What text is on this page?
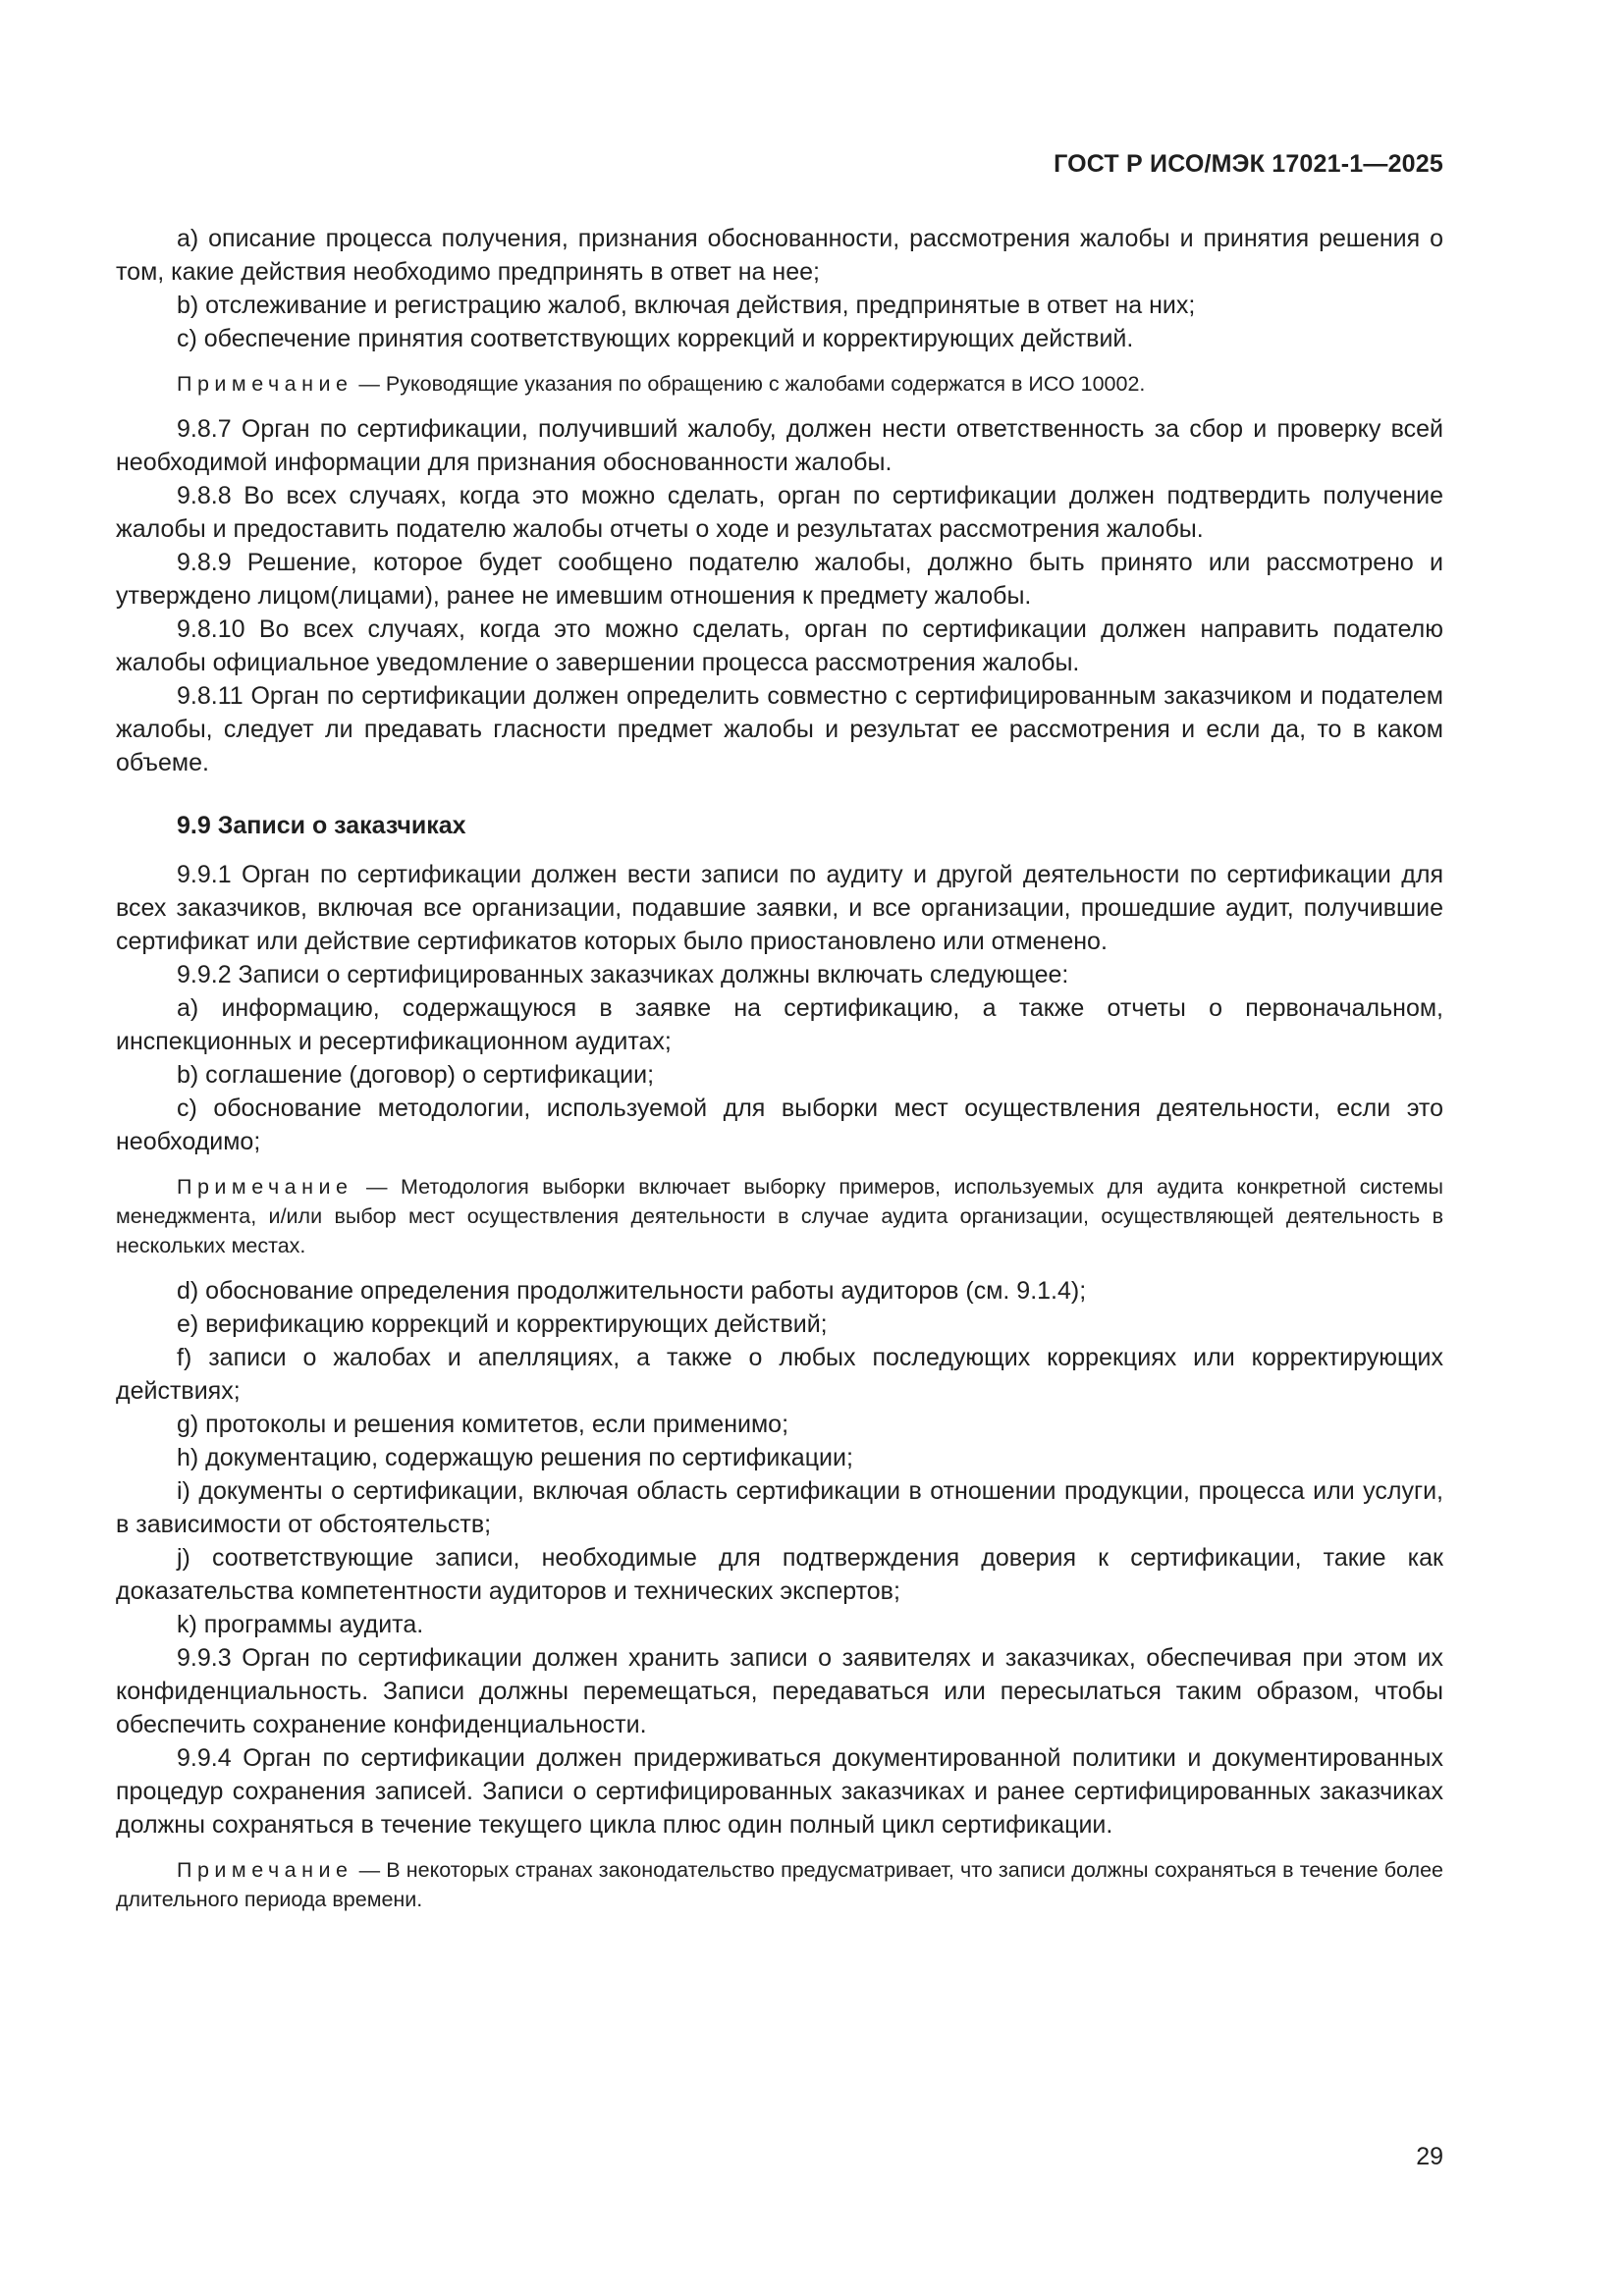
ГОСТ Р ИСО/МЭК 17021-1—2025

a) описание процесса получения, признания обоснованности, рассмотрения жалобы и принятия решения о том, какие действия необходимо предпринять в ответ на нее;

b) отслеживание и регистрацию жалоб, включая действия, предпринятые в ответ на них;

c) обеспечение принятия соответствующих коррекций и корректирующих действий.

Примечание — Руководящие указания по обращению с жалобами содержатся в ИСО 10002.

9.8.7 Орган по сертификации, получивший жалобу, должен нести ответственность за сбор и проверку всей необходимой информации для признания обоснованности жалобы.

9.8.8 Во всех случаях, когда это можно сделать, орган по сертификации должен подтвердить получение жалобы и предоставить подателю жалобы отчеты о ходе и результатах рассмотрения жалобы.

9.8.9 Решение, которое будет сообщено подателю жалобы, должно быть принято или рассмотрено и утверждено лицом(лицами), ранее не имевшим отношения к предмету жалобы.

9.8.10 Во всех случаях, когда это можно сделать, орган по сертификации должен направить подателю жалобы официальное уведомление о завершении процесса рассмотрения жалобы.

9.8.11 Орган по сертификации должен определить совместно с сертифицированным заказчиком и подателем жалобы, следует ли предавать гласности предмет жалобы и результат ее рассмотрения и если да, то в каком объеме.

9.9 Записи о заказчиках

9.9.1 Орган по сертификации должен вести записи по аудиту и другой деятельности по сертификации для всех заказчиков, включая все организации, подавшие заявки, и все организации, прошедшие аудит, получившие сертификат или действие сертификатов которых было приостановлено или отменено.

9.9.2 Записи о сертифицированных заказчиках должны включать следующее:

a) информацию, содержащуюся в заявке на сертификацию, а также отчеты о первоначальном, инспекционных и ресертификационном аудитах;

b) соглашение (договор) о сертификации;

c) обоснование методологии, используемой для выборки мест осуществления деятельности, если это необходимо;

Примечание — Методология выборки включает выборку примеров, используемых для аудита конкретной системы менеджмента, и/или выбор мест осуществления деятельности в случае аудита организации, осуществляющей деятельность в нескольких местах.

d) обоснование определения продолжительности работы аудиторов (см. 9.1.4);

e) верификацию коррекций и корректирующих действий;

f) записи о жалобах и апелляциях, а также о любых последующих коррекциях или корректирующих действиях;

g) протоколы и решения комитетов, если применимо;

h) документацию, содержащую решения по сертификации;

i) документы о сертификации, включая область сертификации в отношении продукции, процесса или услуги, в зависимости от обстоятельств;

j) соответствующие записи, необходимые для подтверждения доверия к сертификации, такие как доказательства компетентности аудиторов и технических экспертов;

k) программы аудита.

9.9.3 Орган по сертификации должен хранить записи о заявителях и заказчиках, обеспечивая при этом их конфиденциальность. Записи должны перемещаться, передаваться или пересылаться таким образом, чтобы обеспечить сохранение конфиденциальности.

9.9.4 Орган по сертификации должен придерживаться документированной политики и документированных процедур сохранения записей. Записи о сертифицированных заказчиках и ранее сертифицированных заказчиках должны сохраняться в течение текущего цикла плюс один полный цикл сертификации.

Примечание — В некоторых странах законодательство предусматривает, что записи должны сохраняться в течение более длительного периода времени.

29
